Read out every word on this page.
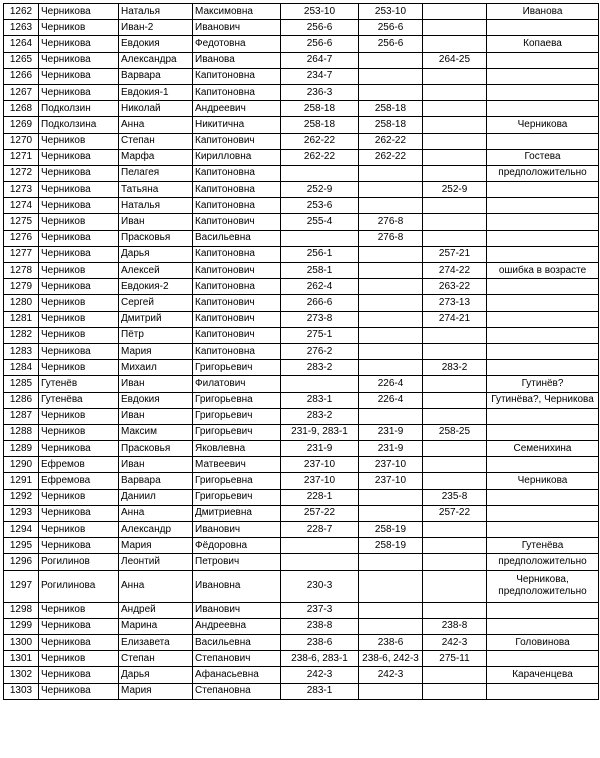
1262	Черникова	Наталья	Максимовна	253-10	253-10		Иванова
1263	Черников	Иван-2	Иванович	256-6	256-6		
1264	Черникова	Евдокия	Федотовна	256-6	256-6		Копаева
1265	Черникова	Александра	Иванова	264-7		264-25	
1266	Черникова	Варвара	Капитоновна	234-7			
1267	Черникова	Евдокия-1	Капитоновна	236-3			
1268	Подколзин	Николай	Андреевич	258-18	258-18		
1269	Подколзина	Анна	Никитична	258-18	258-18		Черникова
1270	Черников	Степан	Капитонович	262-22	262-22		
1271	Черникова	Марфа	Кирилловна	262-22	262-22		Гостева
1272	Черникова	Пелагея	Капитоновна				предположительно
1273	Черникова	Татьяна	Капитоновна	252-9		252-9	
1274	Черникова	Наталья	Капитоновна	253-6			
1275	Черников	Иван	Капитонович	255-4	276-8		
1276	Черникова	Прасковья	Васильевна		276-8		
1277	Черникова	Дарья	Капитоновна	256-1		257-21	
1278	Черников	Алексей	Капитонович	258-1		274-22	ошибка в возрасте
1279	Черникова	Евдокия-2	Капитоновна	262-4		263-22	
1280	Черников	Сергей	Капитонович	266-6		273-13	
1281	Черников	Дмитрий	Капитонович	273-8		274-21	
1282	Черников	Пётр	Капитонович	275-1			
1283	Черникова	Мария	Капитоновна	276-2			
1284	Черников	Михаил	Григорьевич	283-2		283-2	
1285	Гутенёв	Иван	Филатович		226-4		Гутинёв?
1286	Гутенёва	Евдокия	Григорьевна	283-1	226-4		Гутинёва?, Черникова
1287	Черников	Иван	Григорьевич	283-2			
1288	Черников	Максим	Григорьевич	231-9, 283-1	231-9	258-25	
1289	Черникова	Прасковья	Яковлевна	231-9	231-9		Семенихина
1290	Ефремов	Иван	Матвеевич	237-10	237-10		
1291	Ефремова	Варвара	Григорьевна	237-10	237-10		Черникова
1292	Черников	Даниил	Григорьевич	228-1		235-8	
1293	Черникова	Анна	Дмитриевна	257-22		257-22	
1294	Черников	Александр	Иванович	228-7	258-19		
1295	Черникова	Мария	Фёдоровна		258-19		Гутенёва
1296	Рогилинов	Леонтий	Петрович				предположительно
1297	Рогилинова	Анна	Ивановна	230-3			Черникова, предположительно
1298	Черников	Андрей	Иванович	237-3			
1299	Черникова	Марина	Андреевна	238-8		238-8	
1300	Черникова	Елизавета	Васильевна	238-6	238-6	242-3	Головинова
1301	Черников	Степан	Степанович	238-6, 283-1	238-6, 242-3	275-11	
1302	Черникова	Дарья	Афанасьевна	242-3	242-3		Караченцева
1303	Черникова	Мария	Степановна	283-1			
